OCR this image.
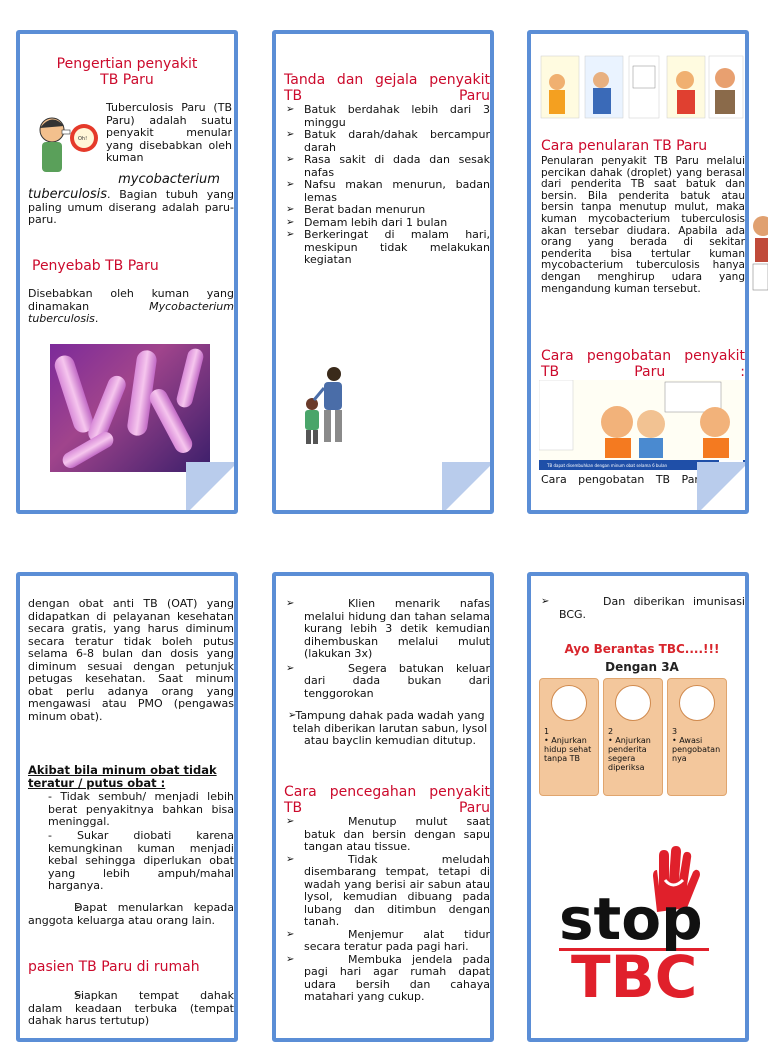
Pengertian penyakit

TB Paru

Oh!

Tuberculosis Paru (TB Paru) adalah suatu penyakit menular yang disebabkan oleh kuman

mycobacterium

tuberculosis. Bagian tubuh yang paling umum diserang adalah paru-paru.

Penyebab TB Paru

Disebabkan oleh kuman yang dinamakan	Mycobacterium tuberculosis.

Tanda dan gejala penyakit TB Paru

➢ Batuk berdahak lebih dari 3 minggu
➢ Batuk darah/dahak bercampur darah
➢ Rasa sakit di dada dan sesak nafas
➢ Nafsu makan menurun, badan lemas
➢ Berat badan menurun
➢ Demam lebih dari 1 bulan
➢ Berkeringat di malam hari, meskipun tidak melakukan kegiatan

Cara penularan TB Paru

Penularan penyakit TB Paru melalui percikan dahak (droplet) yang berasal dari penderita TB saat batuk dan bersin. Bila penderita batuk atau bersin tanpa menutup mulut, maka kuman mycobacterium tuberculosis akan tersebar diudara. Apabila ada orang yang berada di sekitar penderita bisa tertular kuman mycobacterium tuberculosis hanya dengan menghirup udara yang mengandung kuman tersebut.

Cara pengobatan penyakit TB Paru :

TB dapat disembuhkan dengan minum obat selama 6 bulan	NHS

Cara pengobatan TB Paru yaitu

dengan obat anti TB (OAT) yang didapatkan di pelayanan kesehatan secara gratis, yang harus diminum secara teratur tidak boleh putus selama 6-8 bulan dan dosis yang diminum sesuai dengan petunjuk petugas kesehatan. Saat minum obat perlu adanya orang yang mengawasi atau PMO (pengawas minum obat).

Akibat bila minum obat tidak teratur / putus obat :

- Tidak sembuh/ menjadi lebih berat penyakitnya bahkan bisa meninggal.

- Sukar diobati karena kemungkinan kuman menjadi kebal sehingga diperlukan obat yang lebih ampuh/mahal harganya.

➢ Dapat menularkan kepada anggota keluarga atau orang lain.

pasien TB Paru di rumah

➢ Siapkan tempat dahak dalam keadaan terbuka (tempat dahak harus tertutup)
➢ Klien menarik nafas melalui hidung dan tahan selama kurang lebih 3 detik kemudian dihembuskan melalui mulut (lakukan 3x)
➢ Segera batukan keluar dari dada bukan dari tenggorokan
➢ Tampung dahak pada wadah yang telah diberikan larutan sabun, lysol atau bayclin kemudian ditutup.

Cara pencegahan penyakit TB Paru

➢ Menutup mulut saat batuk dan bersin dengan sapu tangan atau tissue.
➢ Tidak meludah disembarang tempat, tetapi di wadah yang berisi air sabun atau lysol, kemudian dibuang pada lubang dan ditimbun dengan tanah.
➢ Menjemur alat tidur secara teratur pada pagi hari.
➢ Membuka jendela pada pagi hari agar rumah dapat udara bersih dan cahaya matahari yang cukup.
➢ Dan diberikan imunisasi BCG.
Ayo Berantas TBC....!!!
Dengan 3A
1
• Anjurkan hidup sehat tanpa TB
2
• Anjurkan penderita segera diperiksa
3
• Awasi pengobatan nya
stop
TBC
